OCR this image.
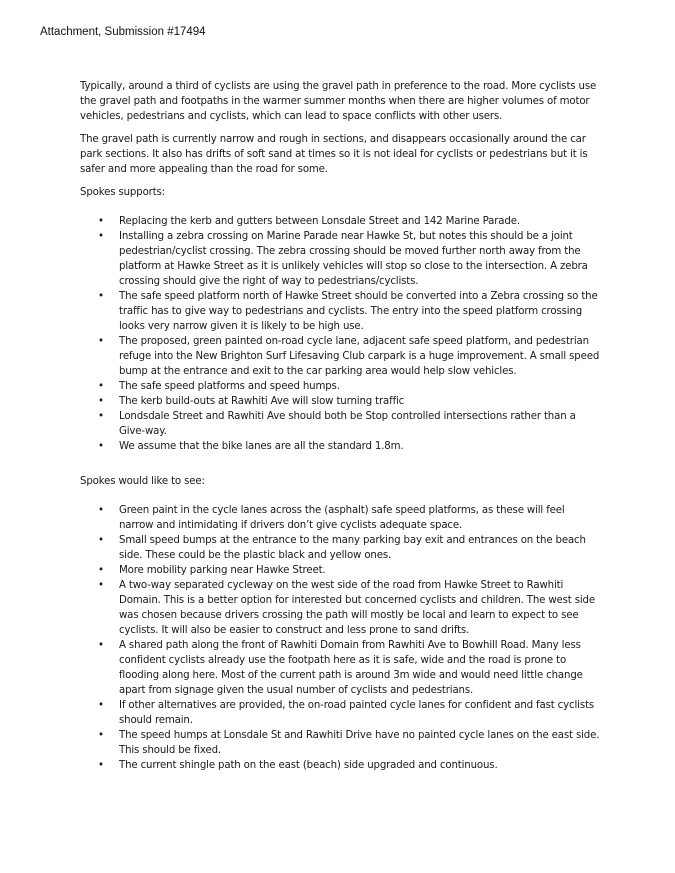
Attachment, Submission #17494

Typically, around a third of cyclists are using the gravel path in preference to the road. More cyclists use the gravel path and footpaths in the warmer summer months when there are higher volumes of motor vehicles, pedestrians and cyclists, which can lead to space conflicts with other users.

The gravel path is currently narrow and rough in sections, and disappears occasionally around the car park sections. It also has drifts of soft sand at times so it is not ideal for cyclists or pedestrians but it is safer and more appealing than the road for some.

Spokes supports:

• Replacing the kerb and gutters between Lonsdale Street and 142 Marine Parade.
• Installing a zebra crossing on Marine Parade near Hawke St, but notes this should be a joint pedestrian/cyclist crossing. The zebra crossing should be moved further north away from the platform at Hawke Street as it is unlikely vehicles will stop so close to the intersection. A zebra crossing should give the right of way to pedestrians/cyclists.
• The safe speed platform north of Hawke Street should be converted into a Zebra crossing so the traffic has to give way to pedestrians and cyclists. The entry into the speed platform crossing looks very narrow given it is likely to be high use.
• The proposed, green painted on-road cycle lane, adjacent safe speed platform, and pedestrian refuge into the New Brighton Surf Lifesaving Club carpark is a huge improvement. A small speed bump at the entrance and exit to the car parking area would help slow vehicles.
• The safe speed platforms and speed humps.
• The kerb build-outs at Rawhiti Ave will slow turning traffic
• Londsdale Street and Rawhiti Ave should both be Stop controlled intersections rather than a Give-way.
• We assume that the bike lanes are all the standard 1.8m.

Spokes would like to see:

• Green paint in the cycle lanes across the (asphalt) safe speed platforms, as these will feel narrow and intimidating if drivers don’t give cyclists adequate space.
• Small speed bumps at the entrance to the many parking bay exit and entrances on the beach side. These could be the plastic black and yellow ones.
• More mobility parking near Hawke Street.
• A two-way separated cycleway on the west side of the road from Hawke Street to Rawhiti Domain. This is a better option for interested but concerned cyclists and children. The west side was chosen because drivers crossing the path will mostly be local and learn to expect to see cyclists. It will also be easier to construct and less prone to sand drifts.
• A shared path along the front of Rawhiti Domain from Rawhiti Ave to Bowhill Road. Many less confident cyclists already use the footpath here as it is safe, wide and the road is prone to flooding along here. Most of the current path is around 3m wide and would need little change apart from signage given the usual number of cyclists and pedestrians.
• If other alternatives are provided, the on-road painted cycle lanes for confident and fast cyclists should remain.
• The speed humps at Lonsdale St and Rawhiti Drive have no painted cycle lanes on the east side. This should be fixed.
• The current shingle path on the east (beach) side upgraded and continuous.
